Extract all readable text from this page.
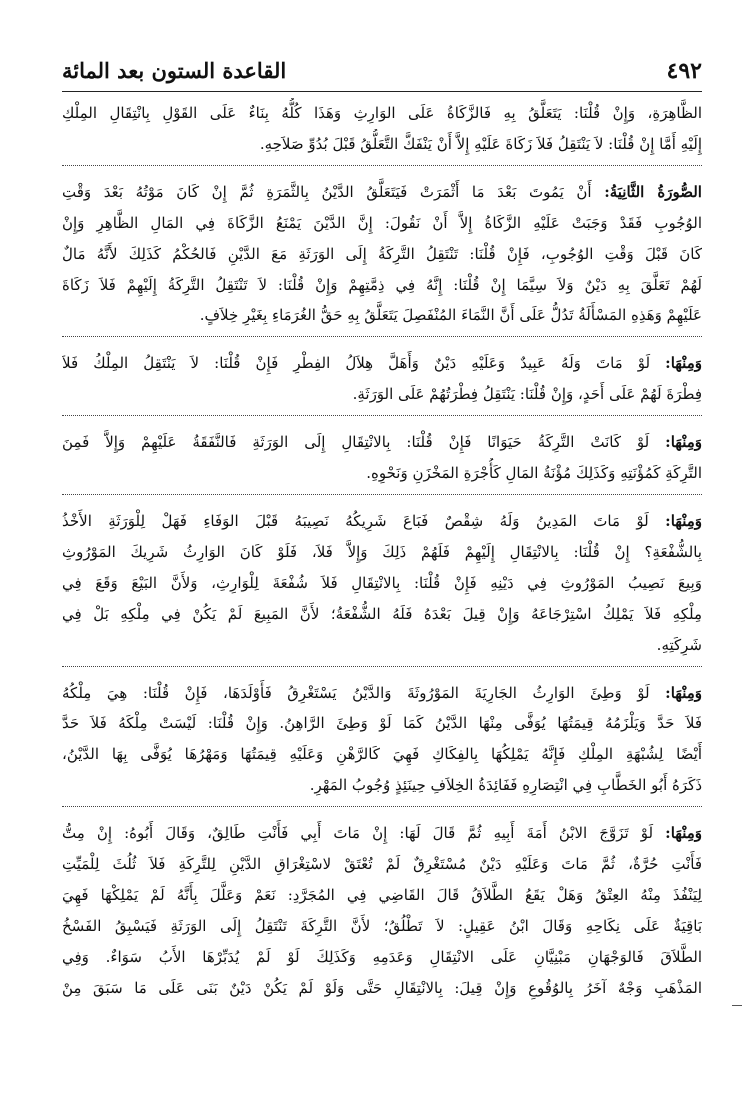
٤٩٢
القاعدة الستون بعد المائة
الظَّاهِرَةِ، وَإِنْ قُلْنَا: يَتَعَلَّقُ بِهِ فَالزَّكَاةُ عَلَى الوَارِثِ وَهَذَا كُلُّهُ بِنَاءٌ عَلَى القَوْلِ بِانْتِقَالِ المِلْكِ
إِلَيْهِ أَمَّا إِنْ قُلْنَا: لاَ يَنْتَقِلُ فَلاَ زَكَاةَ عَلَيْهِ إِلاَّ أَنْ يَنْفَكَّ التَّعَلُّقُ قَبْلَ بُدُوِّ صَلاَحِهِ.
الصُّورَةُ الثَّانِيَةُ: أَنْ يَمُوتَ بَعْدَ مَا أَثْمَرَتْ فَيَتَعَلَّقُ الدَّيْنُ بِالثَّمَرَةِ ثُمَّ إِنْ كَانَ مَوْتُهُ بَعْدَ وَقْتِ
الوُجُوبِ فَقَدْ وَجَبَتْ عَلَيْهِ الزَّكَاةُ إِلاَّ أَنْ نَقُولَ: إِنَّ الدَّيْنَ يَمْنَعُ الزَّكَاةَ فِي المَالِ الظَّاهِرِ وَإِنْ
كَانَ قَبْلَ وَقْتِ الوُجُوبِ، فَإِنْ قُلْنَا: تَنْتَقِلُ التَّرِكَةُ إِلَى الوَرَثَةِ مَعَ الدَّيْنِ فَالحُكْمُ كَذَلِكَ لأَنَّهُ مَالٌ
لَهُمْ تَعَلَّقَ بِهِ دَيْنٌ وَلاَ سِيَّمَا إِنْ قُلْنَا: إِنَّهُ فِي ذِمَّتِهِمْ وَإِنْ قُلْنَا: لاَ تَنْتَقِلُ التَّرِكَةُ إِلَيْهِمْ فَلاَ زَكَاةَ
عَلَيْهِمْ وَهَذِهِ المَسْأَلَةُ تَدُلُّ عَلَى أَنَّ النَّمَاءَ المُنْفَصِلَ يَتَعَلَّقُ بِهِ حَقُّ الغُرَمَاءِ بِغَيْرِ خِلاَفٍ.
وَمِنْهَا: لَوْ مَاتَ وَلَهُ عَبِيدٌ وَعَلَيْهِ دَيْنٌ وَأَهَلَّ هِلاَلُ الفِطْرِ فَإِنْ قُلْنَا: لاَ يَنْتَقِلُ المِلْكُ فَلاَ
فِطْرَةَ لَهُمْ عَلَى أَحَدٍ، وَإِنْ قُلْنَا: يَنْتَقِلُ فِطْرَتُهُمْ عَلَى الوَرَثَةِ.
وَمِنْهَا: لَوْ كَانَتْ التَّرِكَةُ حَيَوَانًا فَإِنْ قُلْنَا: بِالانْتِقَالِ إِلَى الوَرَثَةِ فَالنَّفَقَةُ عَلَيْهِمْ وَإِلاَّ فَمِنَ
التَّرِكَةِ كَمُؤْنَتِهِ وَكَذَلِكَ مُؤْنَةُ المَالِ كَأُجْرَةِ المَخْزَنِ وَنَحْوِهِ.
وَمِنْهَا: لَوْ مَاتَ المَدِينُ وَلَهُ شِقْصٌ فَبَاعَ شَرِيكُهُ نَصِيبَهُ قَبْلَ الوَفَاءِ فَهَلْ لِلْوَرَثَةِ الأَخْذُ
بِالشُّفْعَةِ؟ إِنْ قُلْنَا: بِالانْتِقَالِ إِلَيْهِمْ فَلَهُمْ ذَلِكَ وَإِلاَّ فَلاَ، فَلَوْ كَانَ الوَارِثُ شَرِيكَ المَوْرُوثِ
وَبِيعَ نَصِيبُ المَوْرُوثِ فِي دَيْنِهِ فَإِنْ قُلْنَا: بِالانْتِقَالِ فَلاَ شُفْعَةَ لِلْوَارِثِ، وَلأَنَّ البَيْعَ وَقَعَ فِي
مِلْكِهِ فَلاَ يَمْلِكُ اسْتِرْجَاعَهُ وَإِنْ قِيلَ بَعْدَهُ فَلَهُ الشُّفْعَةُ؛ لأَنَّ المَبِيعَ لَمْ يَكُنْ فِي مِلْكِهِ بَلْ فِي
شَرِكَتِهِ.
وَمِنْهَا: لَوْ وَطِئَ الوَارِثُ الجَارِيَةَ المَوْرُوثَةَ وَالدَّيْنُ يَسْتَغْرِقُ فَأَوْلَدَهَا، فَإِنْ قُلْنَا: هِيَ مِلْكُهُ
فَلاَ حَدَّ وَيَلْزَمُهُ قِيمَتُهَا يُوَفَّى مِنْهَا الدَّيْنُ كَمَا لَوْ وَطِئَ الرَّاهِنُ. وَإِنْ قُلْنَا: لَيْسَتْ مِلْكَهُ فَلاَ حَدَّ
أَيْضًا لِشُبْهَةِ المِلْكِ فَإِنَّهُ يَمْلِكُهَا بِالفِكَاكِ فَهِيَ كَالرَّهْنِ وَعَلَيْهِ قِيمَتُهَا وَمَهْرُهَا يُوَفَّى بِهَا الدَّيْنُ،
ذَكَرَهُ أَبُو الخَطَّابِ فِي انْتِصَارِهِ فَفَائِدَةُ الخِلاَفِ حِينَئِذٍ وُجُوبُ المَهْرِ.
وَمِنْهَا: لَوْ تَزَوَّجَ الابْنُ أَمَةَ أَبِيهِ ثُمَّ قَالَ لَهَا: إِنْ مَاتَ أَبِي فَأَنْتِ طَالِقٌ، وَقَالَ أَبُوهُ: إِنْ مِتُّ
فَأَنْتِ حُرَّةٌ، ثُمَّ مَاتَ وَعَلَيْهِ دَيْنٌ مُسْتَغْرِقٌ لَمْ تُعْتَقْ لاسْتِغْرَاقِ الدَّيْنِ لِلتَّرِكَةِ فَلاَ ثُلُثَ لِلْمَيِّتِ
لِيَنْفُذَ مِنْهُ العِتْقُ وَهَلْ يَقَعُ الطَّلاَقُ قَالَ القَاضِي فِي المُجَرَّدِ: نَعَمْ وَعَلَّلَ بِأَنَّهُ لَمْ يَمْلِكْهَا فَهِيَ
بَاقِيَةٌ عَلَى نِكَاحِهِ وَقَالَ ابْنُ عَقِيلٍ: لاَ تَطْلُقُ؛ لأَنَّ التَّرِكَةَ تَنْتَقِلُ إِلَى الوَرَثَةِ فَيَسْبِقُ الفَسْخُ
الطَّلاَقَ فَالوَجْهَانِ مَبْنِيَّانِ عَلَى الانْتِقَالِ وَعَدَمِهِ وَكَذَلِكَ لَوْ لَمْ يُدَبِّرْهَا الأَبُ سَوَاءٌ. وَفِي
المَذْهَبِ وَجْهٌ آخَرُ بِالوُقُوعِ وَإِنْ قِيلَ: بِالانْتِقَالِ حَتَّى وَلَوْ لَمْ يَكُنْ دَيْنٌ بَنَى عَلَى مَا سَبَقَ مِنْ
